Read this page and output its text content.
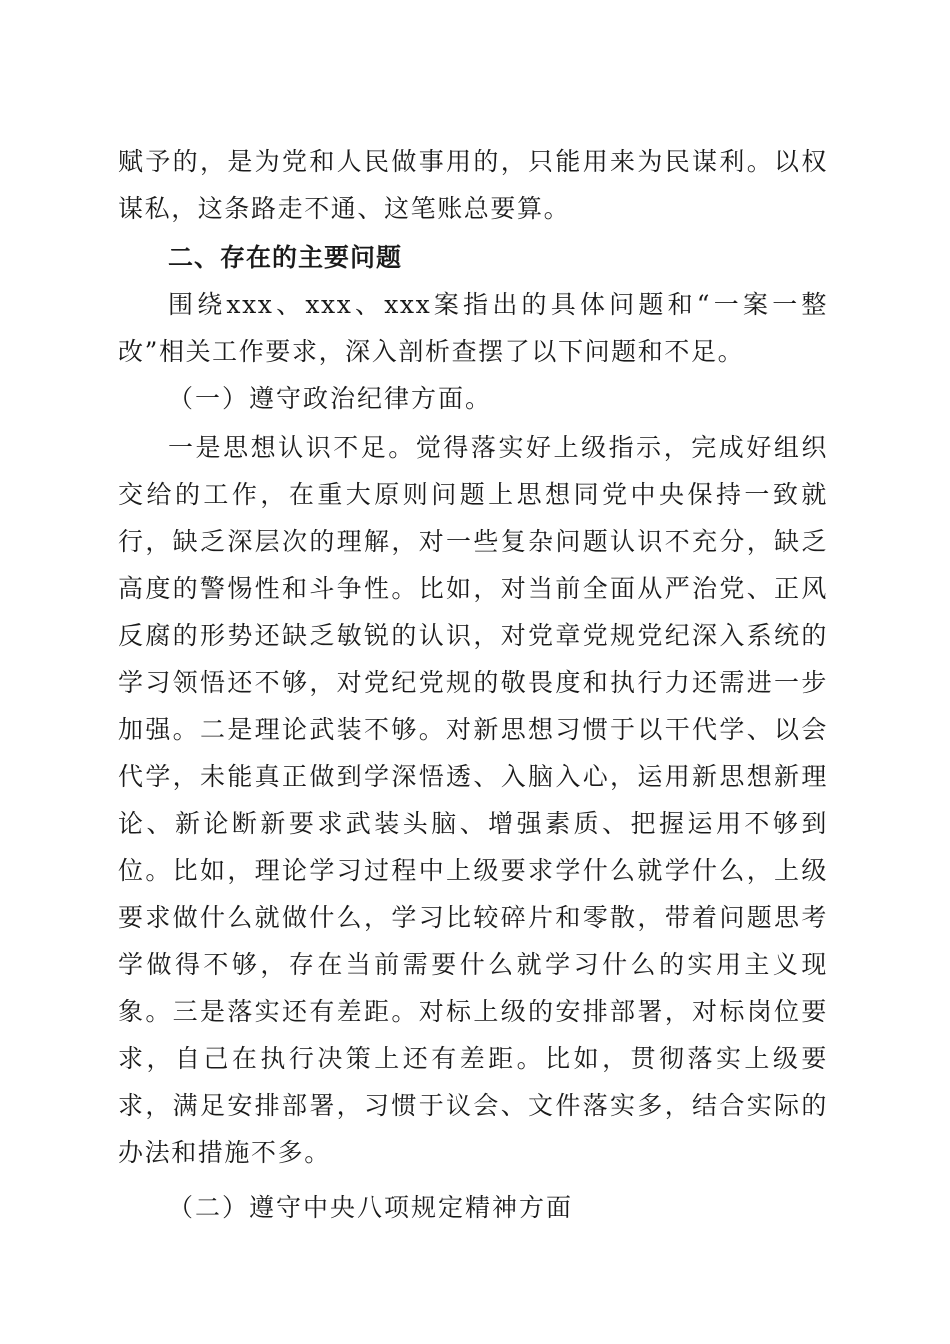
赋予的，是为党和人民做事用的，只能用来为民谋利。以权谋私，这条路走不通、这笔账总要算。

二、存在的主要问题

围绕xxx、xxx、xxx案指出的具体问题和“一案一整改”相关工作要求，深入剖析查摆了以下问题和不足。

（一）遵守政治纪律方面。

一是思想认识不足。觉得落实好上级指示，完成好组织交给的工作，在重大原则问题上思想同党中央保持一致就行，缺乏深层次的理解，对一些复杂问题认识不充分，缺乏高度的警惕性和斗争性。比如，对当前全面从严治党、正风反腐的形势还缺乏敏锐的认识，对党章党规党纪深入系统的学习领悟还不够，对党纪党规的敬畏度和执行力还需进一步加强。二是理论武装不够。对新思想习惯于以干代学、以会代学，未能真正做到学深悟透、入脑入心，运用新思想新理论、新论断新要求武装头脑、增强素质、把握运用不够到位。比如，理论学习过程中上级要求学什么就学什么，上级要求做什么就做什么，学习比较碎片和零散，带着问题思考学做得不够，存在当前需要什么就学习什么的实用主义现象。三是落实还有差距。对标上级的安排部署，对标岗位要求，自己在执行决策上还有差距。比如，贯彻落实上级要求，满足安排部署，习惯于议会、文件落实多，结合实际的办法和措施不多。

（二）遵守中央八项规定精神方面
